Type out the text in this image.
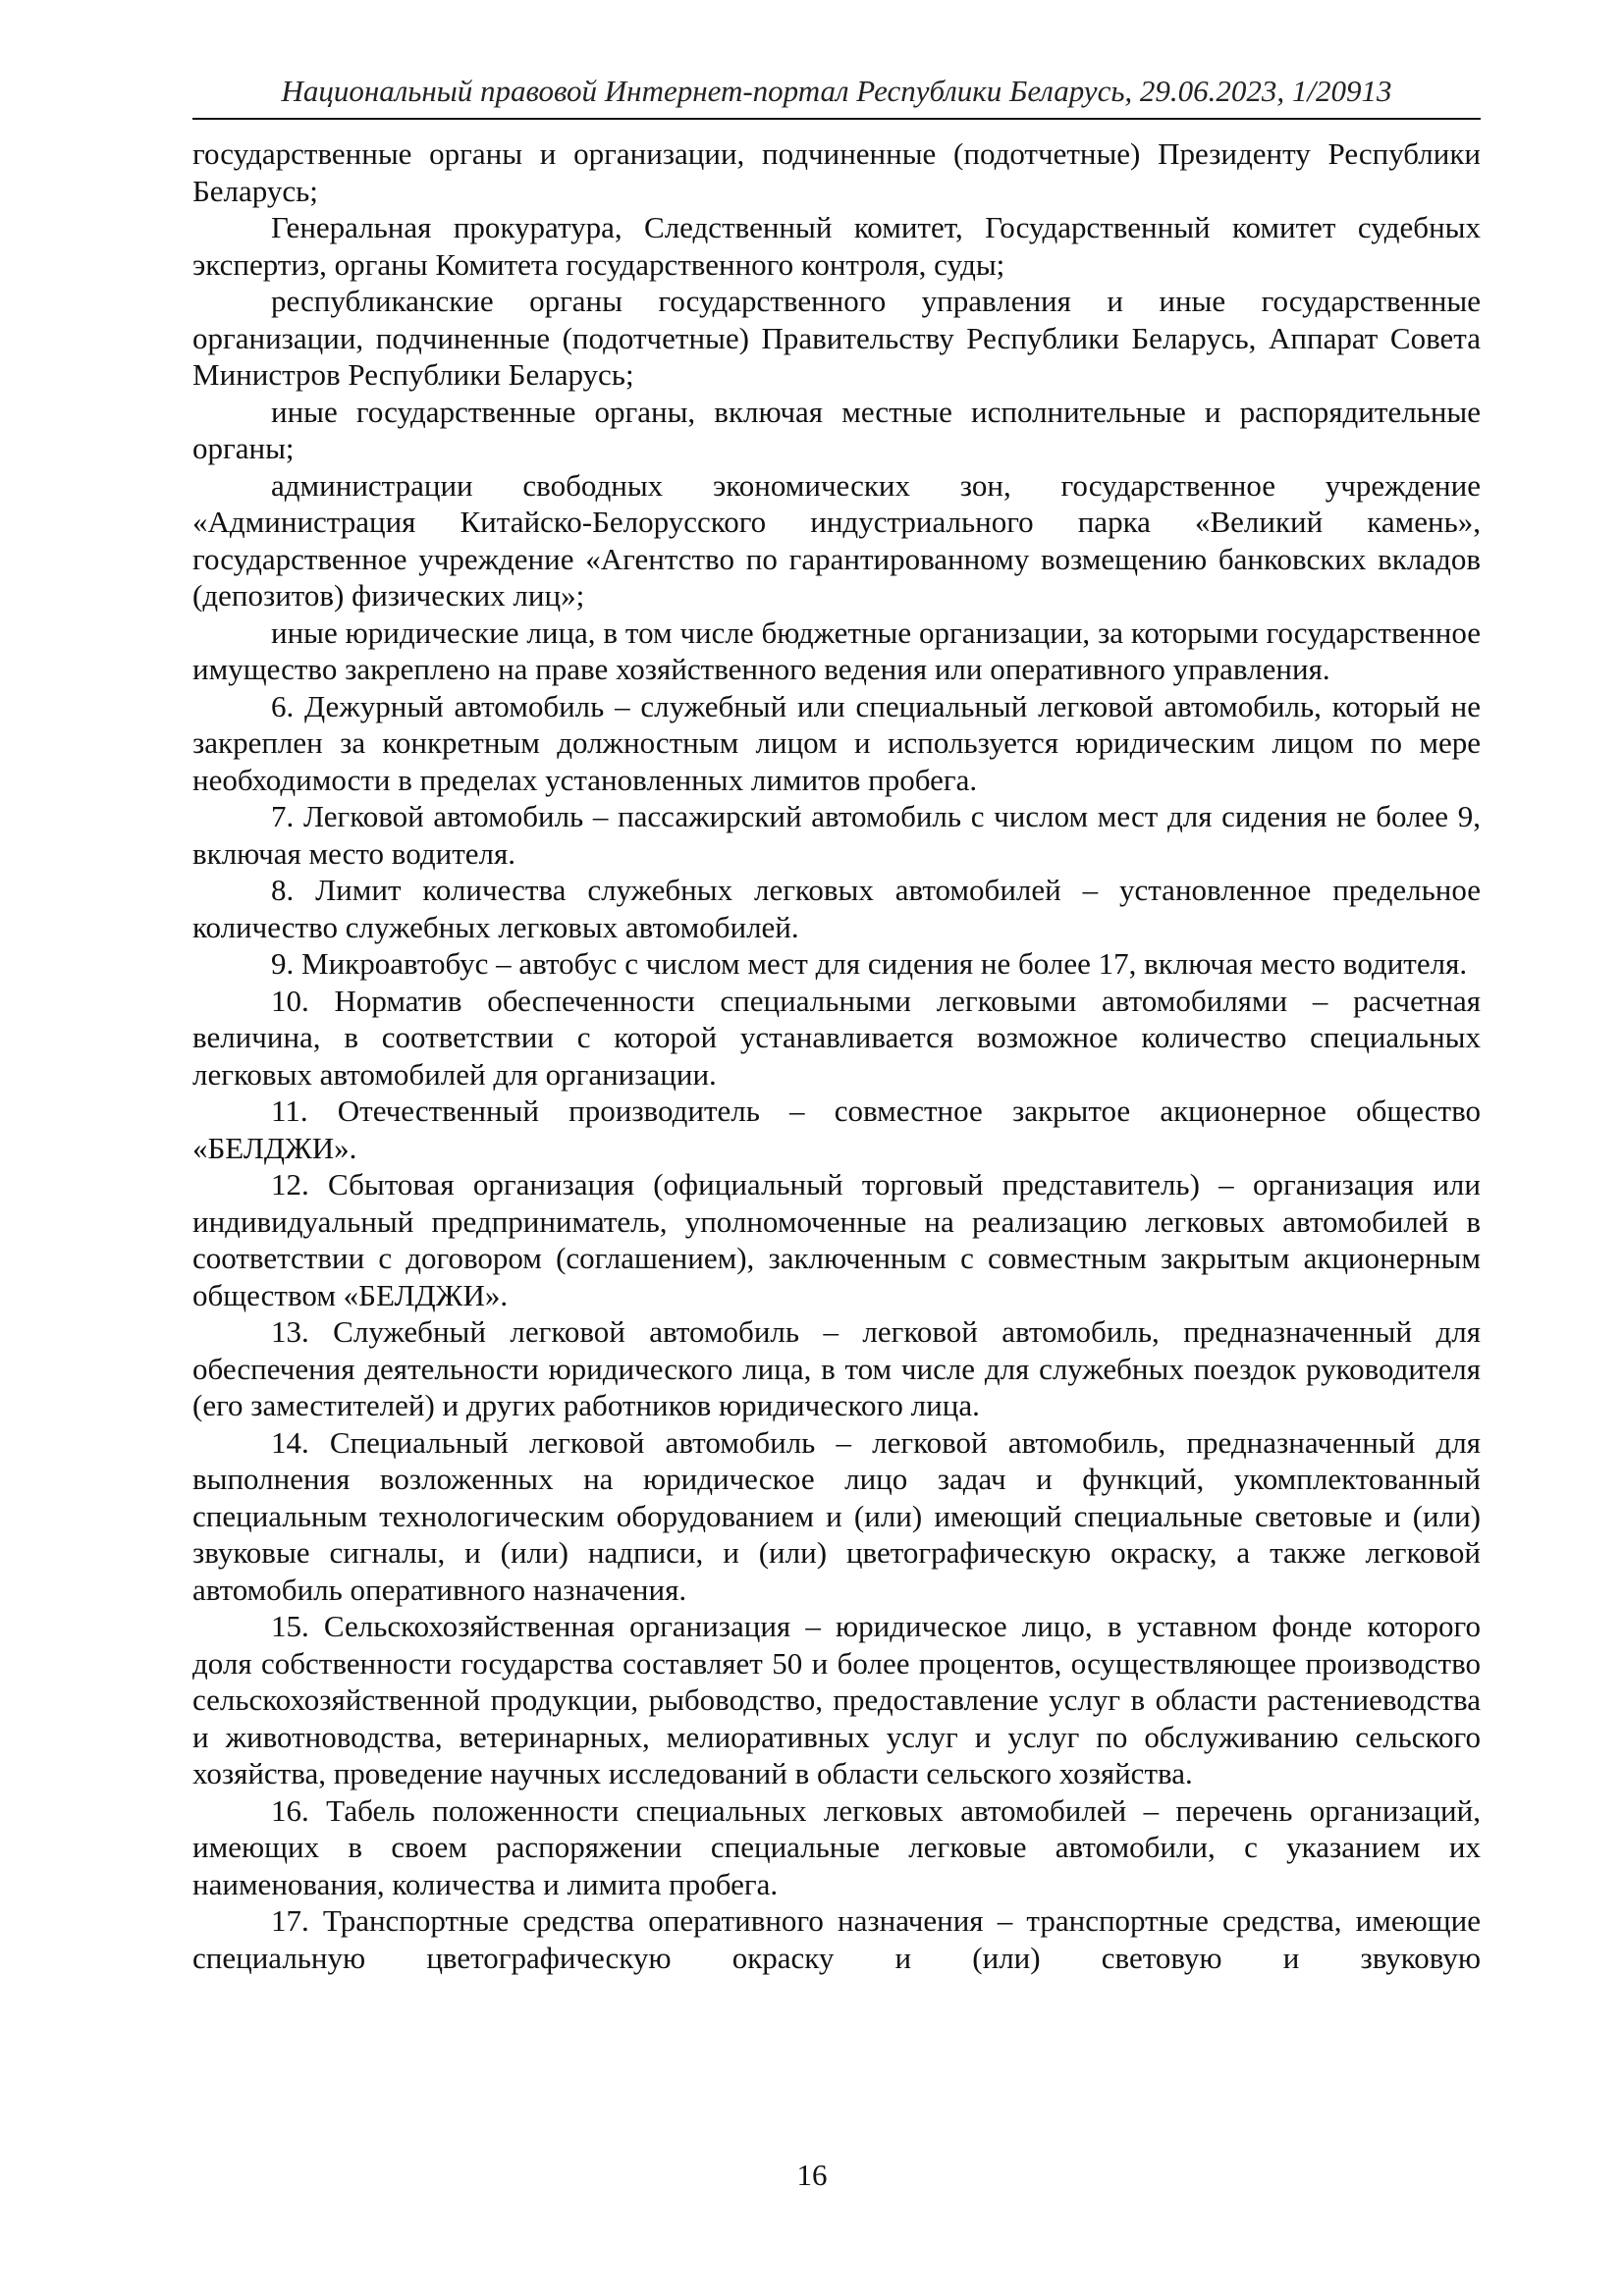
Национальный правовой Интернет-портал Республики Беларусь, 29.06.2023, 1/20913

государственные органы и организации, подчиненные (подотчетные) Президенту Республики Беларусь;

Генеральная прокуратура, Следственный комитет, Государственный комитет судебных экспертиз, органы Комитета государственного контроля, суды;

республиканские органы государственного управления и иные государственные организации, подчиненные (подотчетные) Правительству Республики Беларусь, Аппарат Совета Министров Республики Беларусь;

иные государственные органы, включая местные исполнительные и распорядительные органы;

администрации свободных экономических зон, государственное учреждение «Администрация Китайско-Белорусского индустриального парка «Великий камень», государственное учреждение «Агентство по гарантированному возмещению банковских вкладов (депозитов) физических лиц»;

иные юридические лица, в том числе бюджетные организации, за которыми государственное имущество закреплено на праве хозяйственного ведения или оперативного управления.

6. Дежурный автомобиль – служебный или специальный легковой автомобиль, который не закреплен за конкретным должностным лицом и используется юридическим лицом по мере необходимости в пределах установленных лимитов пробега.

7. Легковой автомобиль – пассажирский автомобиль с числом мест для сидения не более 9, включая место водителя.

8. Лимит количества служебных легковых автомобилей – установленное предельное количество служебных легковых автомобилей.

9. Микроавтобус – автобус с числом мест для сидения не более 17, включая место водителя.

10. Норматив обеспеченности специальными легковыми автомобилями – расчетная величина, в соответствии с которой устанавливается возможное количество специальных легковых автомобилей для организации.

11. Отечественный производитель – совместное закрытое акционерное общество «БЕЛДЖИ».

12. Сбытовая организация (официальный торговый представитель) – организация или индивидуальный предприниматель, уполномоченные на реализацию легковых автомобилей в соответствии с договором (соглашением), заключенным с совместным закрытым акционерным обществом «БЕЛДЖИ».

13. Служебный легковой автомобиль – легковой автомобиль, предназначенный для обеспечения деятельности юридического лица, в том числе для служебных поездок руководителя (его заместителей) и других работников юридического лица.

14. Специальный легковой автомобиль – легковой автомобиль, предназначенный для выполнения возложенных на юридическое лицо задач и функций, укомплектованный специальным технологическим оборудованием и (или) имеющий специальные световые и (или) звуковые сигналы, и (или) надписи, и (или) цветографическую окраску, а также легковой автомобиль оперативного назначения.

15. Сельскохозяйственная организация – юридическое лицо, в уставном фонде которого доля собственности государства составляет 50 и более процентов, осуществляющее производство сельскохозяйственной продукции, рыбоводство, предоставление услуг в области растениеводства и животноводства, ветеринарных, мелиоративных услуг и услуг по обслуживанию сельского хозяйства, проведение научных исследований в области сельского хозяйства.

16. Табель положенности специальных легковых автомобилей – перечень организаций, имеющих в своем распоряжении специальные легковые автомобили, с указанием их наименования, количества и лимита пробега.

17. Транспортные средства оперативного назначения – транспортные средства, имеющие специальную цветографическую окраску и (или) световую и звуковую

16
